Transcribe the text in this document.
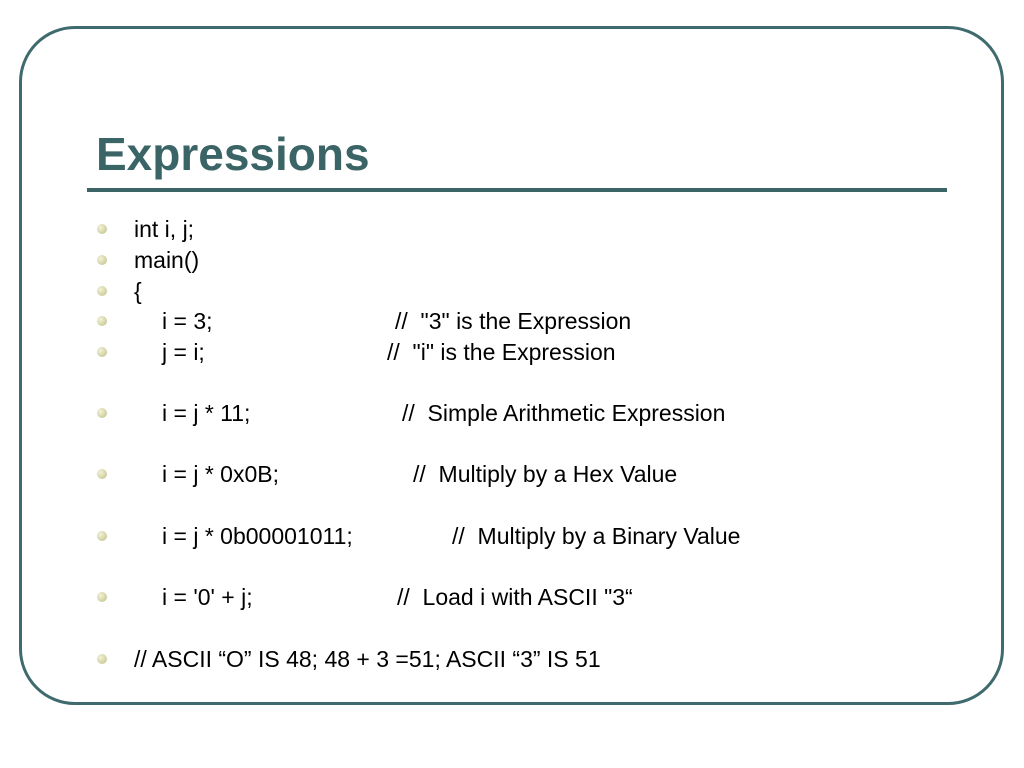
Expressions
int i, j;
main()
{
i = 3;	//  "3" is the Expression
j = i;	//  "i" is the Expression
i = j * 11;	//  Simple Arithmetic Expression
i = j * 0x0B;	//  Multiply by a Hex Value
i = j * 0b00001011;	//  Multiply by a Binary Value
i = '0' + j;	//  Load i with ASCII "3“
// ASCII “O” IS 48; 48 + 3 =51; ASCII “3” IS 51
